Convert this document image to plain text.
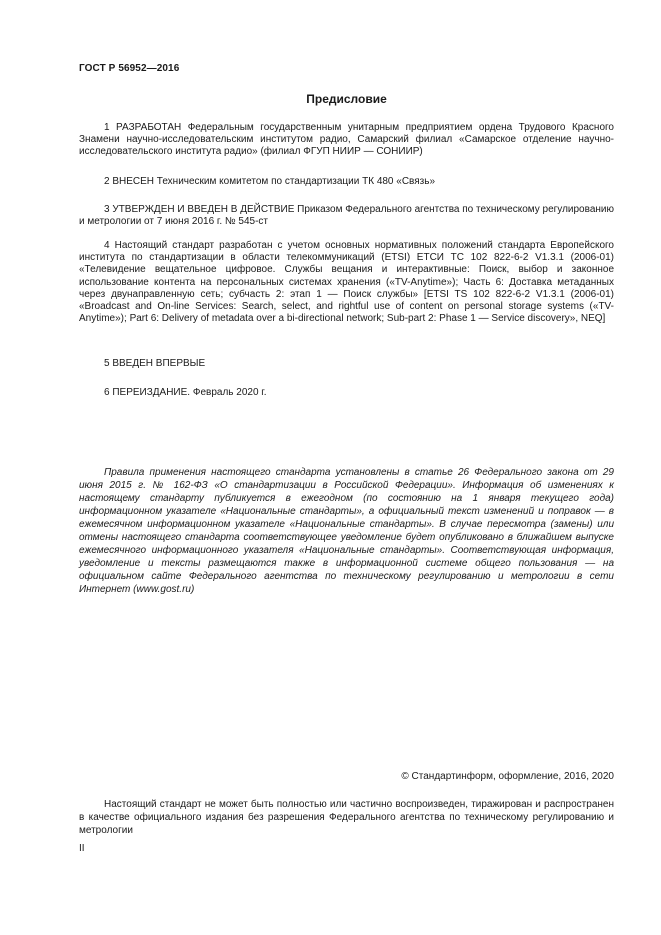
ГОСТ Р 56952—2016
Предисловие

1 РАЗРАБОТАН Федеральным государственным унитарным предприятием ордена Трудового Красного Знамени научно-исследовательским институтом радио, Самарский филиал «Самарское отделение научно-исследовательского института радио» (филиал ФГУП НИИР — СОНИИР)

2 ВНЕСЕН Техническим комитетом по стандартизации ТК 480 «Связь»

3 УТВЕРЖДЕН И ВВЕДЕН В ДЕЙСТВИЕ Приказом Федерального агентства по техническому регулированию и метрологии от 7 июня 2016 г. № 545-ст

4 Настоящий стандарт разработан с учетом основных нормативных положений стандарта Европейского института по стандартизации в области телекоммуникаций (ETSI) ЕТСИ ТС 102 822-6-2 V1.3.1 (2006-01) «Телевидение вещательное цифровое. Службы вещания и интерактивные: Поиск, выбор и законное использование контента на персональных системах хранения («TV-Anytime»); Часть 6: Доставка метаданных через двунаправленную сеть; субчасть 2: этап 1 — Поиск службы» [ETSI TS 102 822-6-2 V1.3.1 (2006-01) «Broadcast and On-line Services: Search, select, and rightful use of content on personal storage systems («TV-Anytime»); Part 6: Delivery of metadata over a bi-directional network; Sub-part 2: Phase 1 — Service discovery», NEQ]

5 ВВЕДЕН ВПЕРВЫЕ

6 ПЕРЕИЗДАНИЕ. Февраль 2020 г.

Правила применения настоящего стандарта установлены в статье 26 Федерального закона от 29 июня 2015 г. № 162-ФЗ «О стандартизации в Российской Федерации». Информация об изменениях к настоящему стандарту публикуется в ежегодном (по состоянию на 1 января текущего года) информационном указателе «Национальные стандарты», а официальный текст изменений и поправок — в ежемесячном информационном указателе «Национальные стандарты». В случае пересмотра (замены) или отмены настоящего стандарта соответствующее уведомление будет опубликовано в ближайшем выпуске ежемесячного информационного указателя «Национальные стандарты». Соответствующая информация, уведомление и тексты размещаются также в информационной системе общего пользования — на официальном сайте Федерального агентства по техническому регулированию и метрологии в сети Интернет (www.gost.ru)

© Стандартинформ, оформление, 2016, 2020

Настоящий стандарт не может быть полностью или частично воспроизведен, тиражирован и распространен в качестве официального издания без разрешения Федерального агентства по техническому регулированию и метрологии

II
